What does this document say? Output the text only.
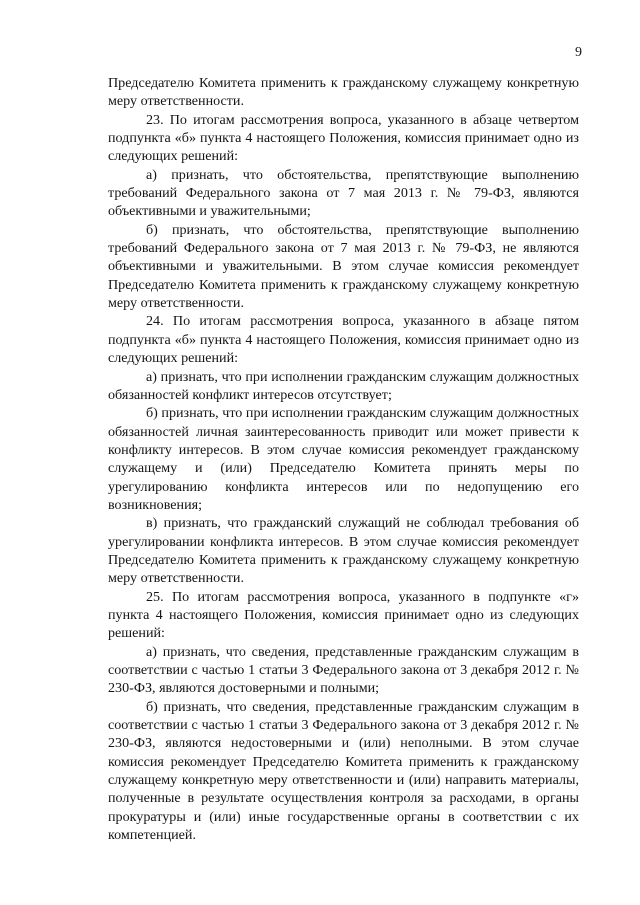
9

Председателю Комитета применить к гражданскому служащему конкретную меру ответственности.

23. По итогам рассмотрения вопроса, указанного в абзаце четвертом подпункта «б» пункта 4 настоящего Положения, комиссия принимает одно из следующих решений:

а) признать, что обстоятельства, препятствующие выполнению требований Федерального закона от 7 мая 2013 г. № 79-ФЗ, являются объективными и уважительными;

б) признать, что обстоятельства, препятствующие выполнению требований Федерального закона от 7 мая 2013 г. № 79-ФЗ, не являются объективными и уважительными. В этом случае комиссия рекомендует Председателю Комитета применить к гражданскому служащему конкретную меру ответственности.

24. По итогам рассмотрения вопроса, указанного в абзаце пятом подпункта «б» пункта 4 настоящего Положения, комиссия принимает одно из следующих решений:

а) признать, что при исполнении гражданским служащим должностных обязанностей конфликт интересов отсутствует;

б) признать, что при исполнении гражданским служащим должностных обязанностей личная заинтересованность приводит или может привести к конфликту интересов. В этом случае комиссия рекомендует гражданскому служащему и (или) Председателю Комитета принять меры по урегулированию конфликта интересов или по недопущению его возникновения;

в) признать, что гражданский служащий не соблюдал требования об урегулировании конфликта интересов. В этом случае комиссия рекомендует Председателю Комитета применить к гражданскому служащему конкретную меру ответственности.

25. По итогам рассмотрения вопроса, указанного в подпункте «г» пункта 4 настоящего Положения, комиссия принимает одно из следующих решений:

а) признать, что сведения, представленные гражданским служащим в соответствии с частью 1 статьи 3 Федерального закона от 3 декабря 2012 г. № 230-ФЗ, являются достоверными и полными;

б) признать, что сведения, представленные гражданским служащим в соответствии с частью 1 статьи 3 Федерального закона от 3 декабря 2012 г. № 230-ФЗ, являются недостоверными и (или) неполными. В этом случае комиссия рекомендует Председателю Комитета применить к гражданскому служащему конкретную меру ответственности и (или) направить материалы, полученные в результате осуществления контроля за расходами, в органы прокуратуры и (или) иные государственные органы в соответствии с их компетенцией.
